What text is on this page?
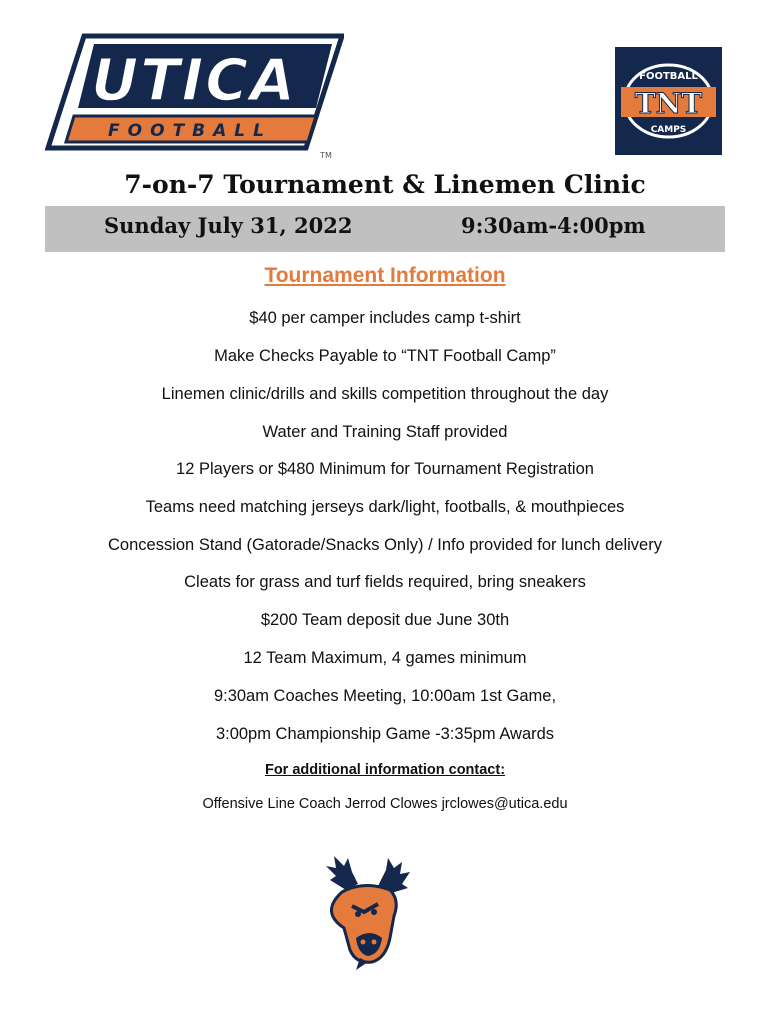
UTICA
FOOTBALL
TM
FOOTBALL
TNT
CAMPS
7-on-7 Tournament & Linemen Clinic
Sunday July 31, 2022	9:30am-4:00pm
Tournament Information
$40 per camper includes camp t-shirt
Make Checks Payable to “TNT Football Camp”
Linemen clinic/drills and skills competition throughout the day
Water and Training Staff provided
12 Players or $480 Minimum for Tournament Registration
Teams need matching jerseys dark/light, footballs, & mouthpieces
Concession Stand (Gatorade/Snacks Only) / Info provided for lunch delivery
Cleats for grass and turf fields required, bring sneakers
$200 Team deposit due June 30th
12 Team Maximum, 4 games minimum
9:30am Coaches Meeting, 10:00am 1st Game,
3:00pm Championship Game -3:35pm Awards
For additional information contact:
Offensive Line Coach Jerrod Clowes jrclowes@utica.edu
